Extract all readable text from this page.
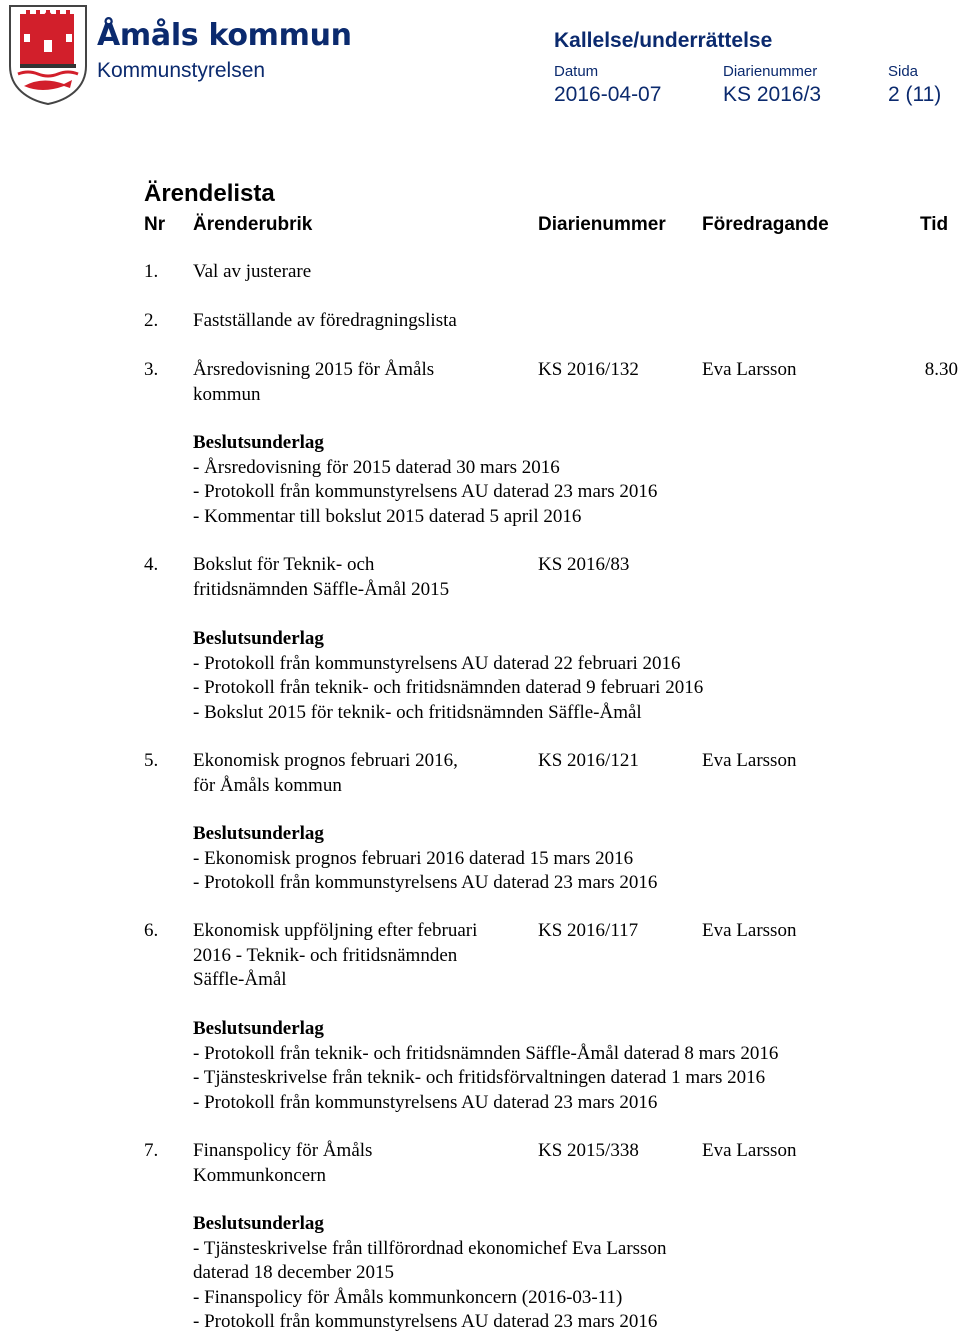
Åmåls kommun
Kommunstyrelsen
Kallelse/underrättelse
Datum
2016-04-07
Diarienummer
KS 2016/3
Sida
2 (11)
Ärendelista
Nr Ärenderubrik	Diarienummer Föredragande	Tid
1. Val av justerare
2. Fastställande av föredragningslista
3. Årsredovisning 2015 för Åmåls
kommun
KS 2016/132	Eva Larsson	8.30
Beslutsunderlag
- Årsredovisning för 2015 daterad 30 mars 2016
- Protokoll från kommunstyrelsens AU daterad 23 mars 2016
- Kommentar till bokslut 2015 daterad 5 april 2016
4. Bokslut för Teknik- och
fritidsnämnden Säffle-Åmål 2015
KS 2016/83
Beslutsunderlag
- Protokoll från kommunstyrelsens AU daterad 22 februari 2016
- Protokoll från teknik- och fritidsnämnden daterad 9 februari 2016
- Bokslut 2015 för teknik- och fritidsnämnden Säffle-Åmål
5. Ekonomisk prognos februari 2016,
för Åmåls kommun
KS 2016/121	Eva Larsson
Beslutsunderlag
- Ekonomisk prognos februari 2016 daterad 15 mars 2016
- Protokoll från kommunstyrelsens AU daterad 23 mars 2016
6. Ekonomisk uppföljning efter februari
2016 - Teknik- och fritidsnämnden
Säffle-Åmål
KS 2016/117	Eva Larsson
Beslutsunderlag
- Protokoll från teknik- och fritidsnämnden Säffle-Åmål daterad 8 mars 2016
- Tjänsteskrivelse från teknik- och fritidsförvaltningen daterad 1 mars 2016
- Protokoll från kommunstyrelsens AU daterad 23 mars 2016
7. Finanspolicy för Åmåls
Kommunkoncern
KS 2015/338	Eva Larsson
Beslutsunderlag
- Tjänsteskrivelse från tillförordnad ekonomichef Eva Larsson
daterad 18 december 2015
- Finanspolicy för Åmåls kommunkoncern (2016-03-11)
- Protokoll från kommunstyrelsens AU daterad 23 mars 2016
